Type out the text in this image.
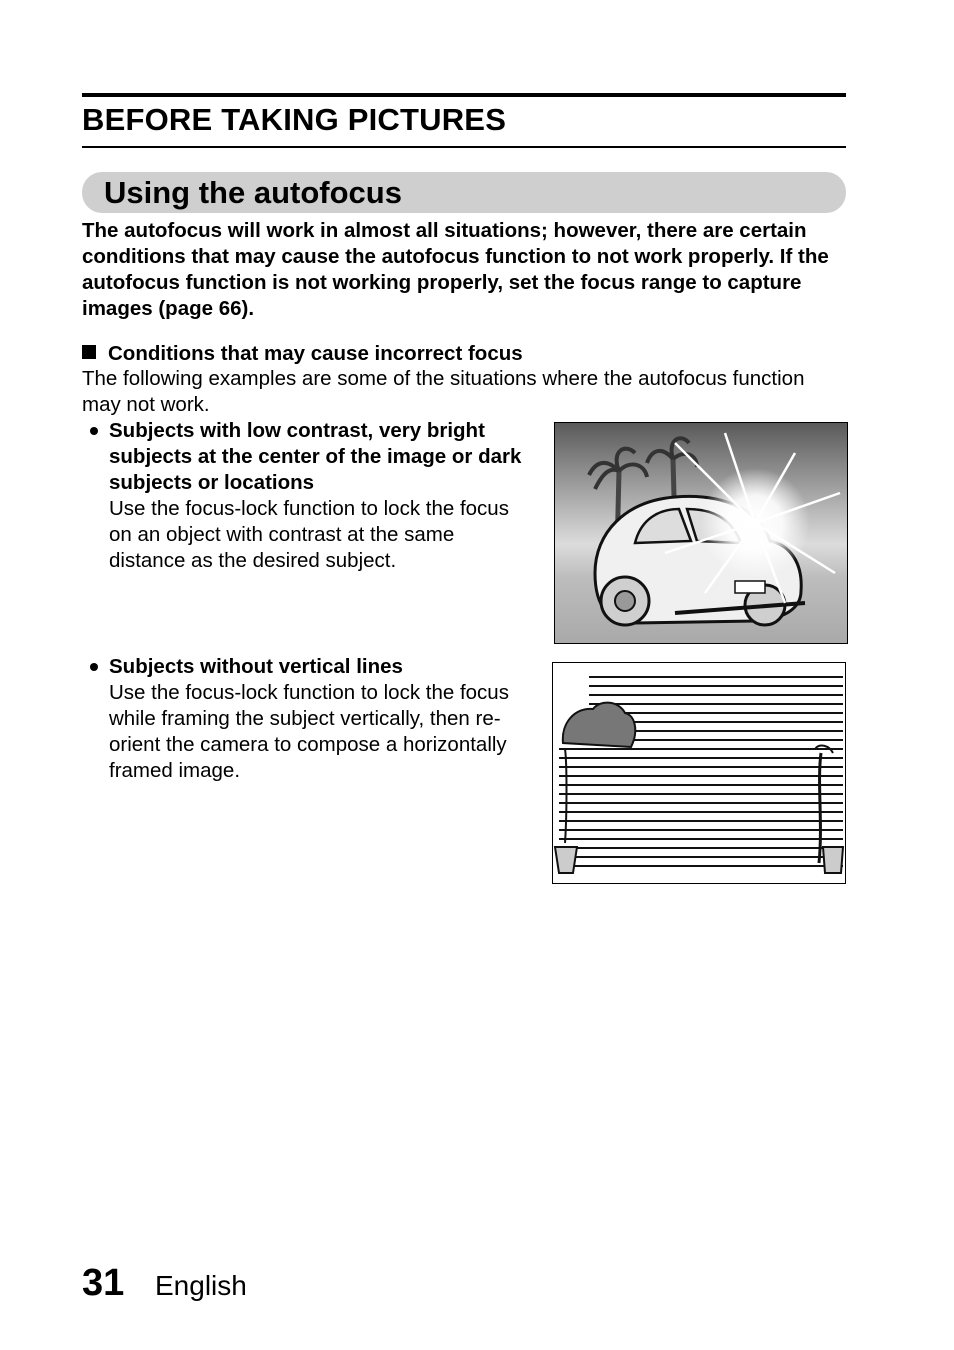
BEFORE TAKING PICTURES
Using the autofocus

The autofocus will work in almost all situations; however, there are certain conditions that may cause the autofocus function to not work properly. If the autofocus function is not working properly, set the focus range to capture images (page 66).

Conditions that may cause incorrect focus

The following examples are some of the situations where the autofocus function may not work.

Subjects with low contrast, very bright subjects at the center of the image or dark subjects or locations

Use the focus-lock function to lock the focus on an object with contrast at the same distance as the desired subject.

Subjects without vertical lines

Use the focus-lock function to lock the focus while framing the subject vertically, then re-orient the camera to compose a horizontally framed image.

31 English
